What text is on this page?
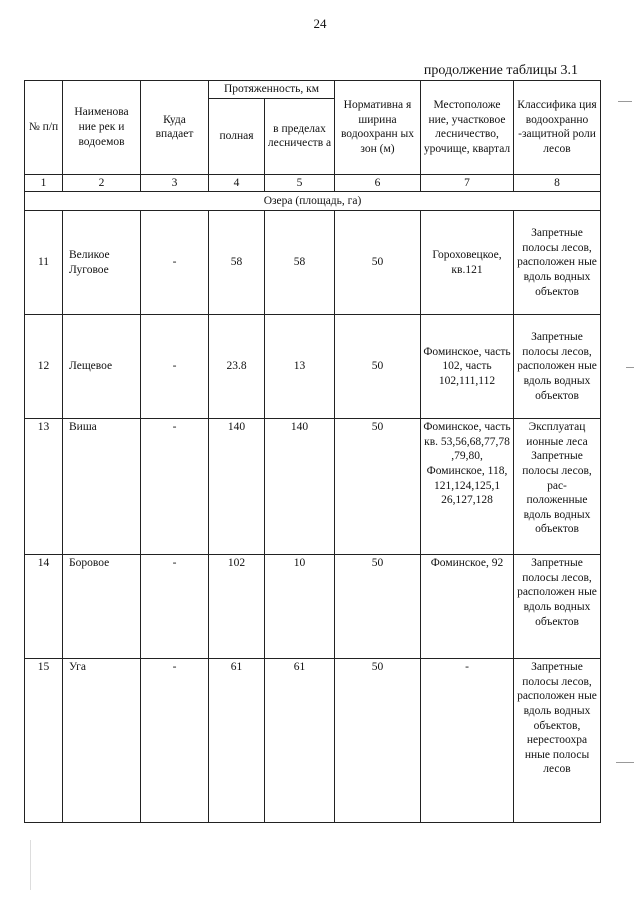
24
продолжение таблицы 3.1
№ п/п	Наименова ние рек и водоемов	Куда впадает	Протяженность, км		Нормативна я ширина водоохранн ых зон (м)	Местоположе ние, участковое лесничество, урочище, квартал	Классифика ция водоохранно -защитной роли лесов
			полная	в пределах лесничеств а			
1	2	3	4	5	6	7	8
Озера (площадь, га)							
11	Великое Луговое	-	58	58	50	Гороховецкое, кв.121	Запретные полосы лесов, расположен ные вдоль водных объектов
12	Лещевое	-	23.8	13	50	Фоминское, часть 102, часть 102,111,112	Запретные полосы лесов, расположен ные вдоль водных объектов
13	Виша	-	140	140	50	Фоминское, часть кв. 53,56,68,77,78 ,79,80, Фоминское, 118, 121,124,125,1 26,127,128	Эксплуатац ионные леса Запретные полосы лесов, рас- положенные вдоль водных объектов
14	Боровое	-	102	10	50	Фоминское, 92	Запретные полосы лесов, расположен ные вдоль водных объектов
15	Уга	-	61	61	50	-	Запретные полосы лесов, расположен ные вдоль водных объектов, нерестоохра нные полосы лесов
